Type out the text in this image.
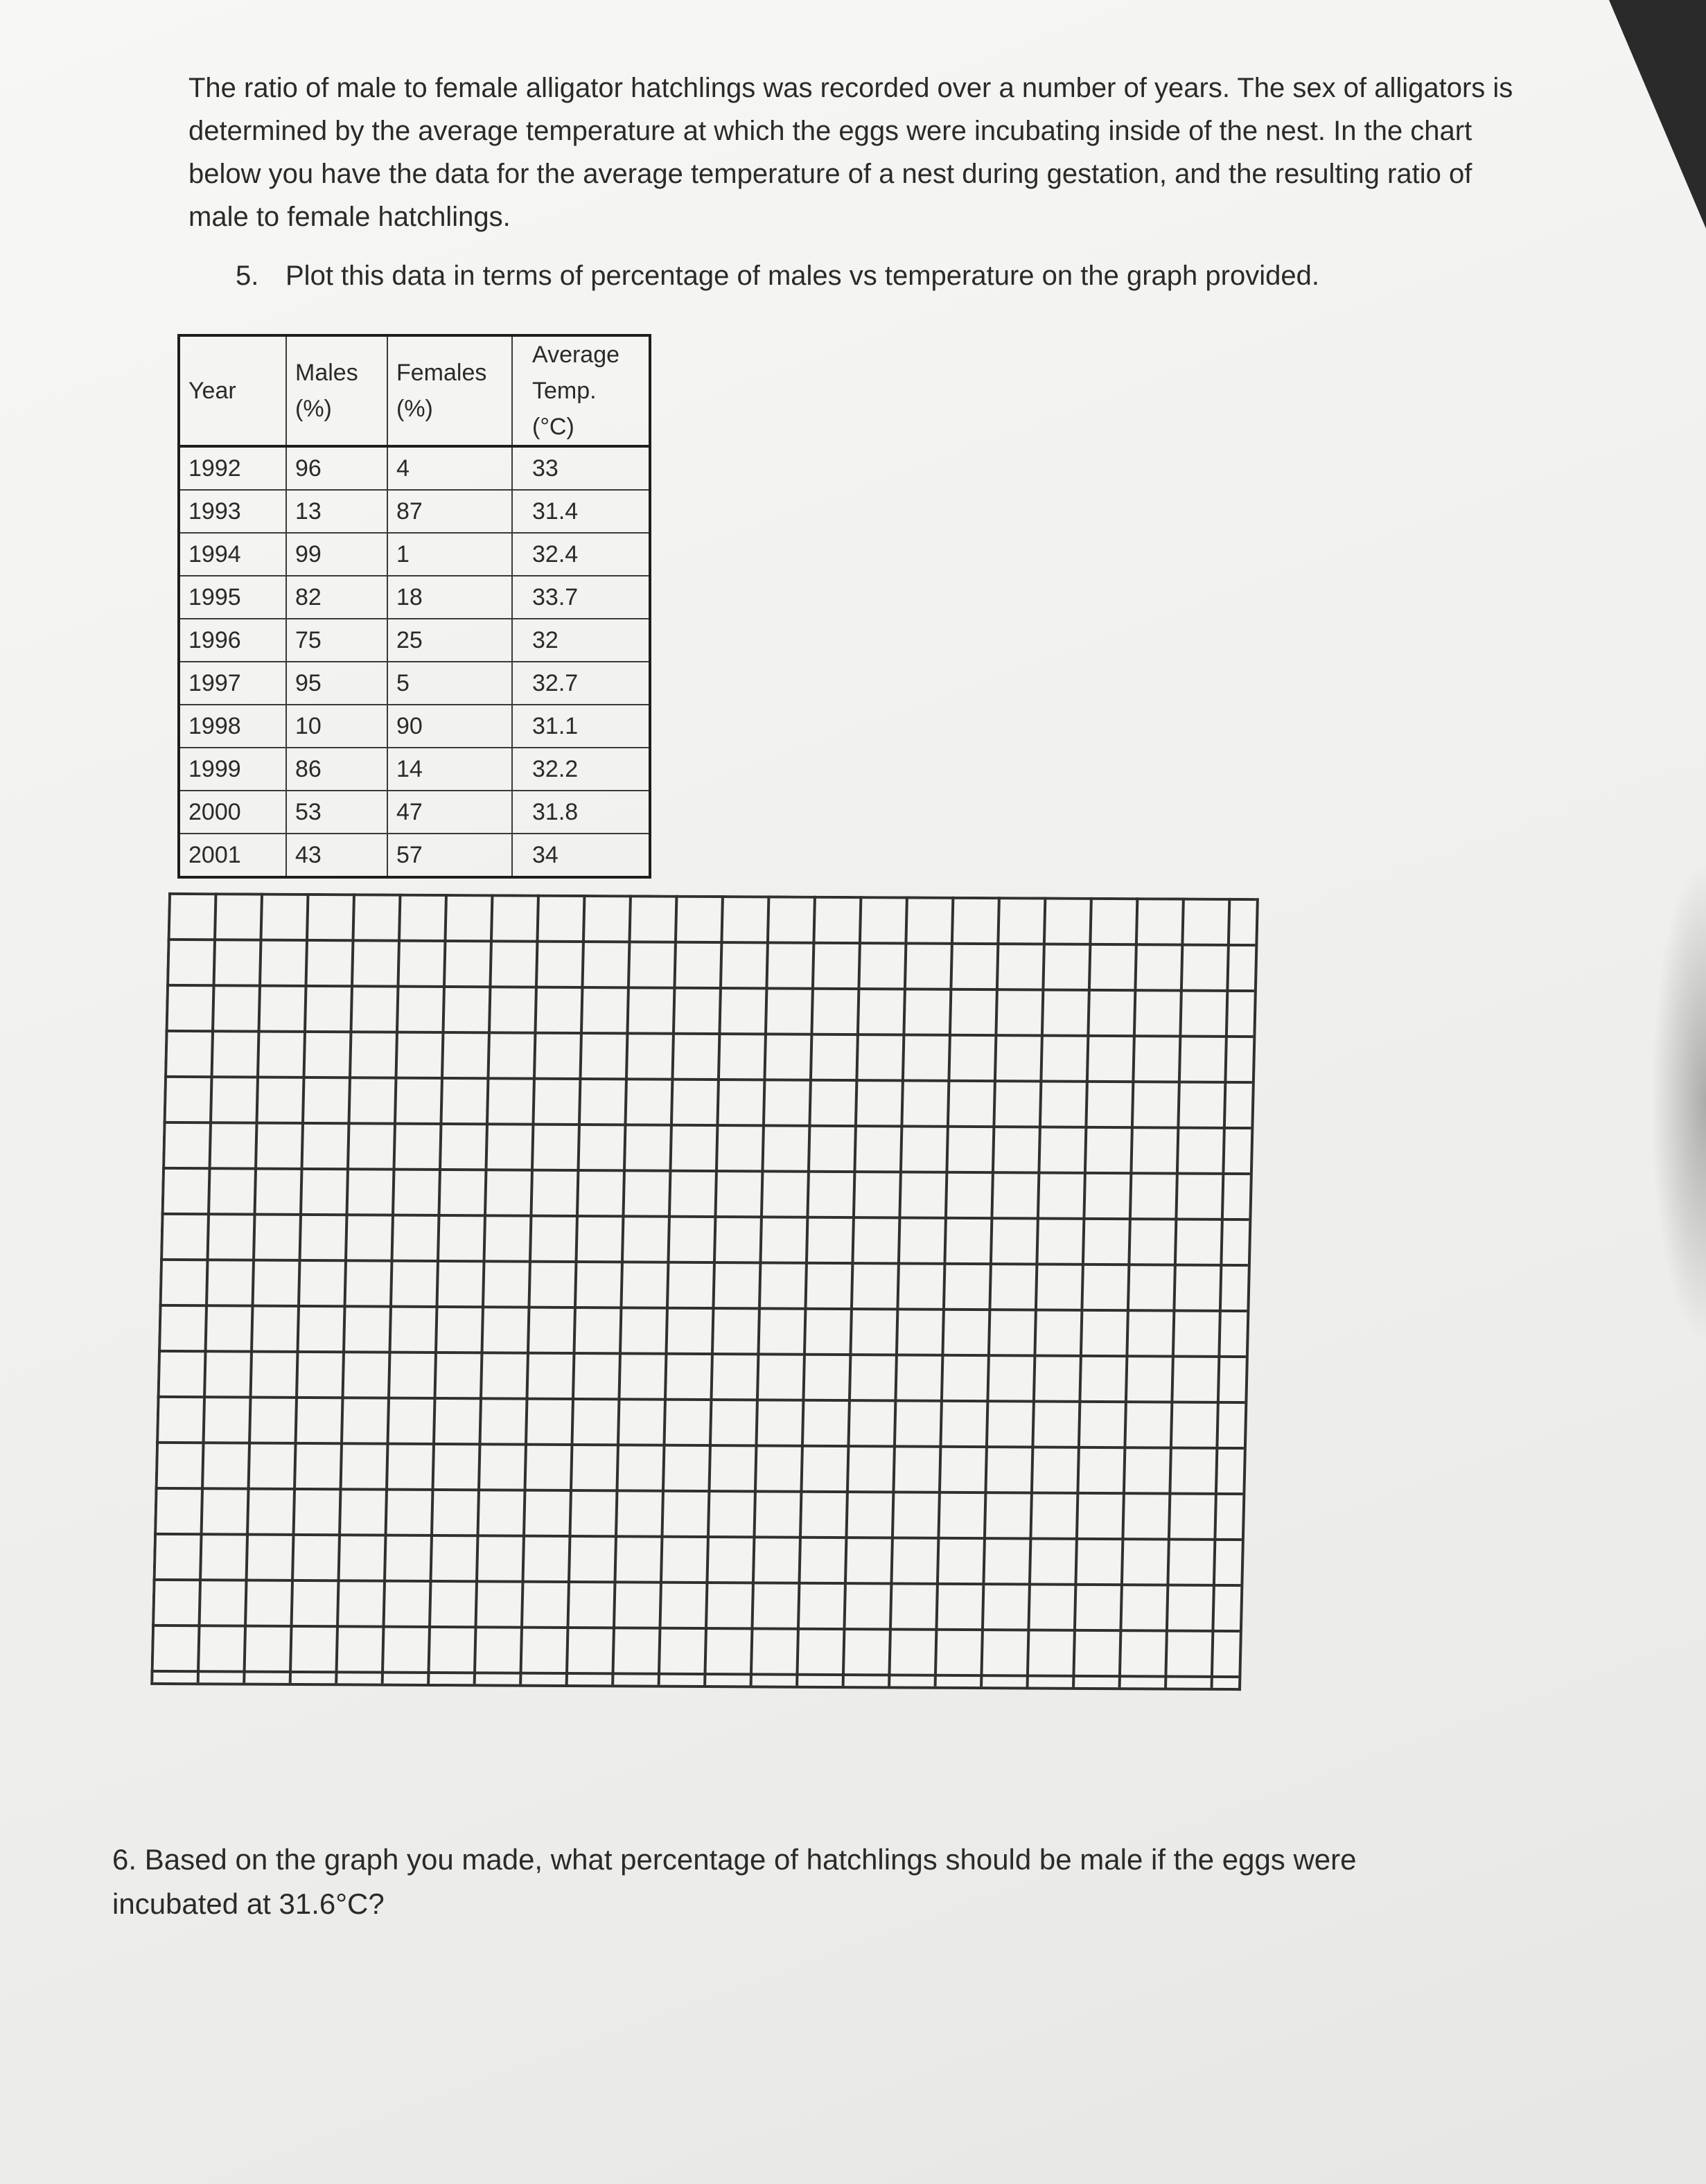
The ratio of male to female alligator hatchlings was recorded over a number of years. The sex of alligators is determined by the average temperature at which the eggs were incubating inside of the nest. In the chart below you have the data for the average temperature of a nest during gestation, and the resulting ratio of male to female hatchlings.

5. Plot this data in terms of percentage of males vs temperature on the graph provided.

Year	Males (%)	Females (%)	Average Temp. (°C)
1992	96	4	33
1993	13	87	31.4
1994	99	1	32.4
1995	82	18	33.7
1996	75	25	32
1997	95	5	32.7
1998	10	90	31.1
1999	86	14	32.2
2000	53	47	31.8
2001	43	57	34

6. Based on the graph you made, what percentage of hatchlings should be male if the eggs were incubated at 31.6°C?
